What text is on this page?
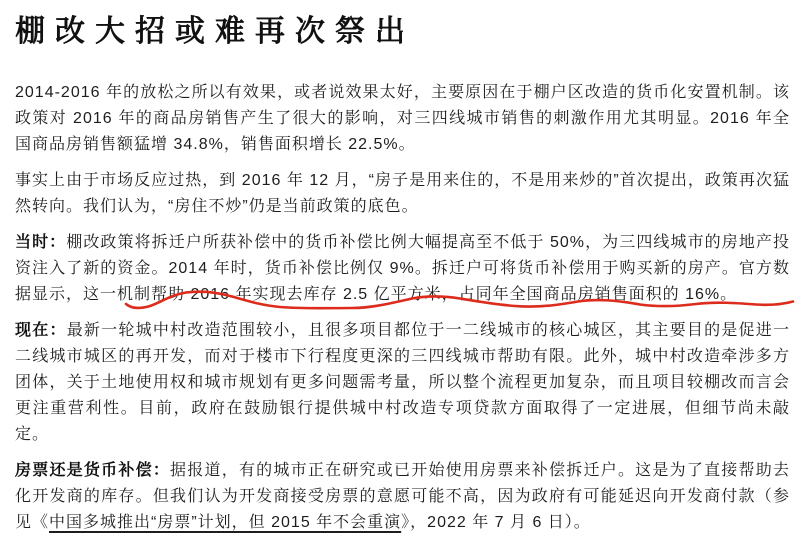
棚改大招或难再次祭出

2014-2016 年的放松之所以有效果，或者说效果太好，主要原因在于棚户区改造的货币化安置机制。该政策对 2016 年的商品房销售产生了很大的影响，对三四线城市销售的刺激作用尤其明显。2016 年全国商品房销售额猛增 34.8%，销售面积增长 22.5%。

事实上由于市场反应过热，到 2016 年 12 月，“房子是用来住的，不是用来炒的”首次提出，政策再次猛然转向。我们认为，“房住不炒”仍是当前政策的底色。

当时：棚改政策将拆迁户所获补偿中的货币补偿比例大幅提高至不低于 50%，为三四线城市的房地产投资注入了新的资金。2014 年时，货币补偿比例仅 9%。拆迁户可将货币补偿用于购买新的房产。官方数据显示，这一机制帮助 2016 年实现去库存 2.5 亿平方米，占同年全国商品房销售面积的 16%。

现在：最新一轮城中村改造范围较小，且很多项目都位于一二线城市的核心城区，其主要目的是促进一二线城市城区的再开发，而对于楼市下行程度更深的三四线城市帮助有限。此外，城中村改造牵涉多方团体，关于土地使用权和城市规划有更多问题需考量，所以整个流程更加复杂，而且项目较棚改而言会更注重营利性。目前，政府在鼓励银行提供城中村改造专项贷款方面取得了一定进展，但细节尚未敲定。

房票还是货币补偿：据报道，有的城市正在研究或已开始使用房票来补偿拆迁户。这是为了直接帮助去化开发商的库存。但我们认为开发商接受房票的意愿可能不高，因为政府有可能延迟向开发商付款（参见《中国多城推出“房票”计划，但 2015 年不会重演》，2022 年 7 月 6 日）。
